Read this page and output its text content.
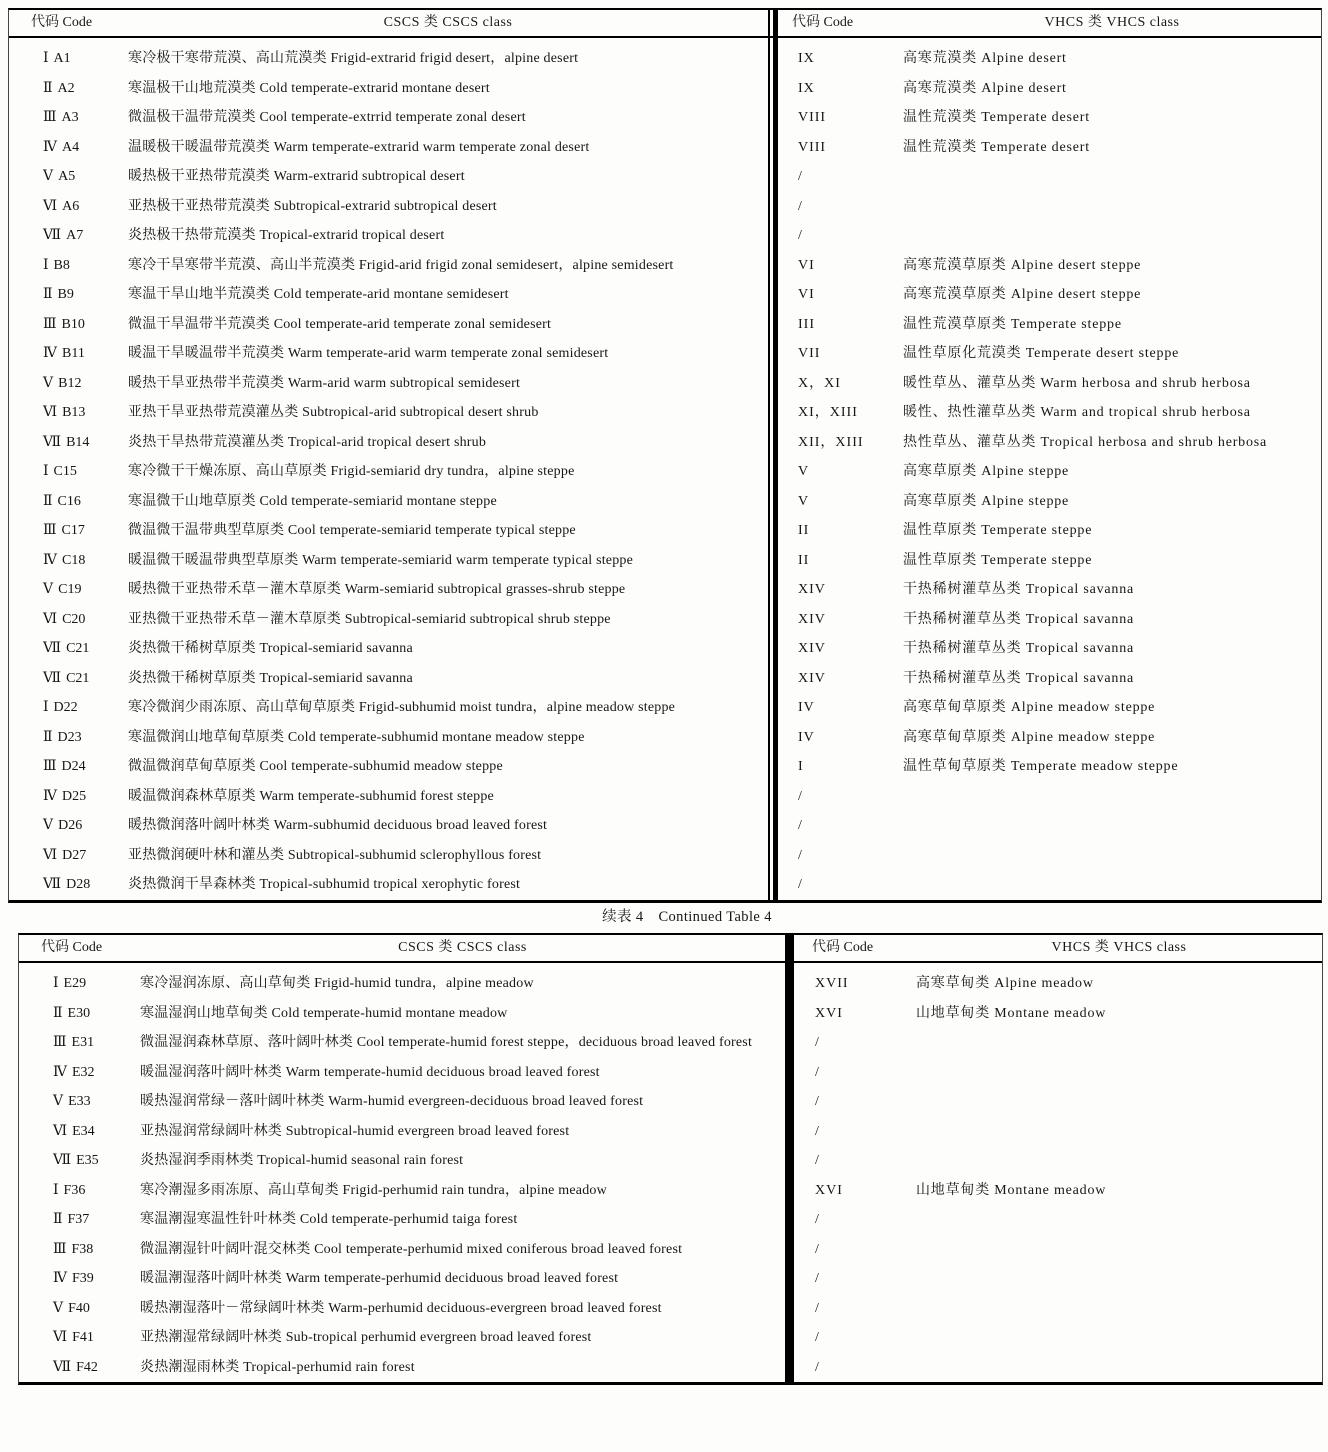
代码 Code	CSCS 类 CSCS class	代码 Code	VHCS 类 VHCS class
ⅠA1	寒冷极干寒带荒漠、高山荒漠类 Frigid-extrarid frigid desert，alpine desert	IX	高寒荒漠类 Alpine desert
ⅡA2	寒温极干山地荒漠类 Cold temperate-extrarid montane desert	IX	高寒荒漠类 Alpine desert
ⅢA3	微温极干温带荒漠类 Cool temperate-extrrid temperate zonal desert	VIII	温性荒漠类 Temperate desert
ⅣA4	温暖极干暖温带荒漠类 Warm temperate-extrarid warm temperate zonal desert	VIII	温性荒漠类 Temperate desert
ⅤA5	暖热极干亚热带荒漠类 Warm-extrarid subtropical desert	/
ⅥA6	亚热极干亚热带荒漠类 Subtropical-extrarid subtropical desert	/
ⅦA7	炎热极干热带荒漠类 Tropical-extrarid tropical desert	/
ⅠB8	寒冷干旱寒带半荒漠、高山半荒漠类 Frigid-arid frigid zonal semidesert，alpine semidesert	VI	高寒荒漠草原类 Alpine desert steppe
ⅡB9	寒温干旱山地半荒漠类 Cold temperate-arid montane semidesert	VI	高寒荒漠草原类 Alpine desert steppe
ⅢB10	微温干旱温带半荒漠类 Cool temperate-arid temperate zonal semidesert	III	温性荒漠草原类 Temperate steppe
ⅣB11	暖温干旱暖温带半荒漠类 Warm temperate-arid warm temperate zonal semidesert	VII	温性草原化荒漠类 Temperate desert steppe
ⅤB12	暖热干旱亚热带半荒漠类 Warm-arid warm subtropical semidesert	X，XI	暖性草丛、灌草丛类 Warm herbosa and shrub herbosa
ⅥB13	亚热干旱亚热带荒漠灌丛类 Subtropical-arid subtropical desert shrub	XI，XIII	暖性、热性灌草丛类 Warm and tropical shrub herbosa
ⅦB14	炎热干旱热带荒漠灌丛类 Tropical-arid tropical desert shrub	XII，XIII	热性草丛、灌草丛类 Tropical herbosa and shrub herbosa
ⅠC15	寒冷微干干燥冻原、高山草原类 Frigid-semiarid dry tundra，alpine steppe	V	高寒草原类 Alpine steppe
ⅡC16	寒温微干山地草原类 Cold temperate-semiarid montane steppe	V	高寒草原类 Alpine steppe
ⅢC17	微温微干温带典型草原类 Cool temperate-semiarid temperate typical steppe	II	温性草原类 Temperate steppe
ⅣC18	暖温微干暖温带典型草原类 Warm temperate-semiarid warm temperate typical steppe	II	温性草原类 Temperate steppe
ⅤC19	暖热微干亚热带禾草－灌木草原类 Warm-semiarid subtropical grasses-shrub steppe	XIV	干热稀树灌草丛类 Tropical savanna
ⅥC20	亚热微干亚热带禾草－灌木草原类 Subtropical-semiarid subtropical shrub steppe	XIV	干热稀树灌草丛类 Tropical savanna
ⅦC21	炎热微干稀树草原类 Tropical-semiarid savanna	XIV	干热稀树灌草丛类 Tropical savanna
ⅦC21	炎热微干稀树草原类 Tropical-semiarid savanna	XIV	干热稀树灌草丛类 Tropical savanna
ⅠD22	寒冷微润少雨冻原、高山草甸草原类 Frigid-subhumid moist tundra，alpine meadow steppe	IV	高寒草甸草原类 Alpine meadow steppe
ⅡD23	寒温微润山地草甸草原类 Cold temperate-subhumid montane meadow steppe	IV	高寒草甸草原类 Alpine meadow steppe
ⅢD24	微温微润草甸草原类 Cool temperate-subhumid meadow steppe	I	温性草甸草原类 Temperate meadow steppe
ⅣD25	暖温微润森林草原类 Warm temperate-subhumid forest steppe	/
ⅤD26	暖热微润落叶阔叶林类 Warm-subhumid deciduous broad leaved forest	/
ⅥD27	亚热微润硬叶林和灌丛类 Subtropical-subhumid sclerophyllous forest	/
ⅦD28	炎热微润干旱森林类 Tropical-subhumid tropical xerophytic forest	/
续表 4　Continued Table 4
代码 Code	CSCS 类 CSCS class	代码 Code	VHCS 类 VHCS class
ⅠE29	寒冷湿润冻原、高山草甸类 Frigid-humid tundra，alpine meadow	XVII	高寒草甸类 Alpine meadow
ⅡE30	寒温湿润山地草甸类 Cold temperate-humid montane meadow	XVI	山地草甸类 Montane meadow
ⅢE31	微温湿润森林草原、落叶阔叶林类 Cool temperate-humid forest steppe，deciduous broad leaved forest	/
ⅣE32	暖温湿润落叶阔叶林类 Warm temperate-humid deciduous broad leaved forest	/
ⅤE33	暖热湿润常绿－落叶阔叶林类 Warm-humid evergreen-deciduous broad leaved forest	/
ⅥE34	亚热湿润常绿阔叶林类 Subtropical-humid evergreen broad leaved forest	/
ⅦE35	炎热湿润季雨林类 Tropical-humid seasonal rain forest	/
ⅠF36	寒冷潮湿多雨冻原、高山草甸类 Frigid-perhumid rain tundra，alpine meadow	XVI	山地草甸类 Montane meadow
ⅡF37	寒温潮湿寒温性针叶林类 Cold temperate-perhumid taiga forest	/
ⅢF38	微温潮湿针叶阔叶混交林类 Cool temperate-perhumid mixed coniferous broad leaved forest	/
ⅣF39	暖温潮湿落叶阔叶林类 Warm temperate-perhumid deciduous broad leaved forest	/
ⅤF40	暖热潮湿落叶－常绿阔叶林类 Warm-perhumid deciduous-evergreen broad leaved forest	/
ⅥF41	亚热潮湿常绿阔叶林类 Sub-tropical perhumid evergreen broad leaved forest	/
ⅦF42	炎热潮湿雨林类 Tropical-perhumid rain forest	/
